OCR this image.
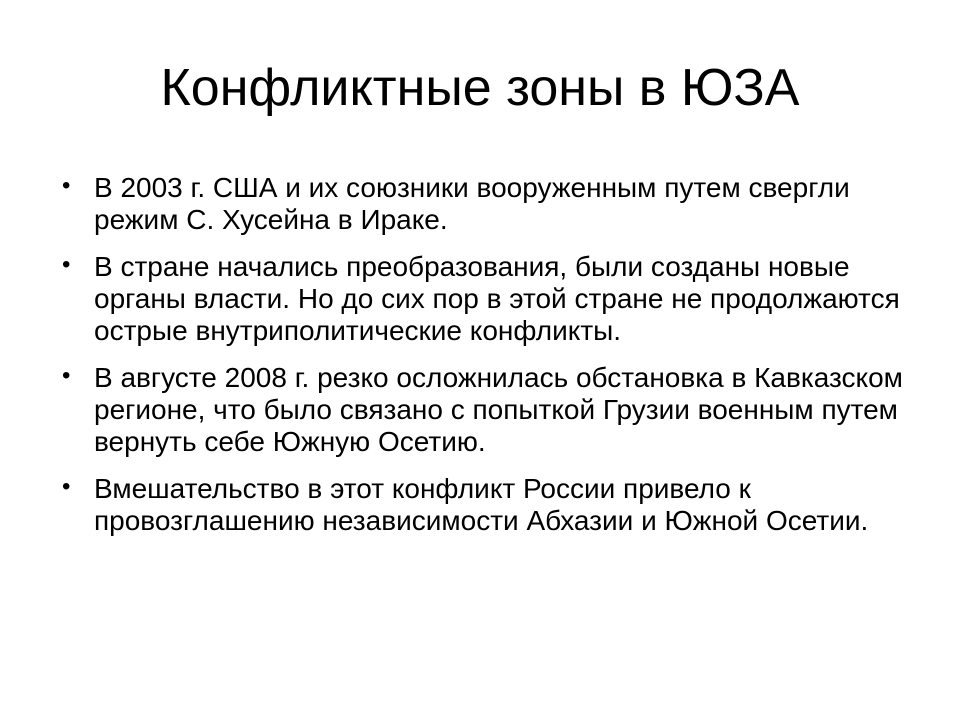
Конфликтные зоны в ЮЗА
• В 2003 г. США и их союзники вооруженным путем свергли режим С. Хусейна в Ираке.
• В стране начались преобразования, были созданы новые органы власти. Но до сих пор в этой стране не продолжаются острые внутриполитические конфликты.
• В августе 2008 г. резко осложнилась обстановка в Кавказском регионе, что было связано с попыткой Грузии военным путем вернуть себе Южную Осетию.
• Вмешательство в этот конфликт России привело к провозглашению независимости Абхазии и Южной Осетии.
